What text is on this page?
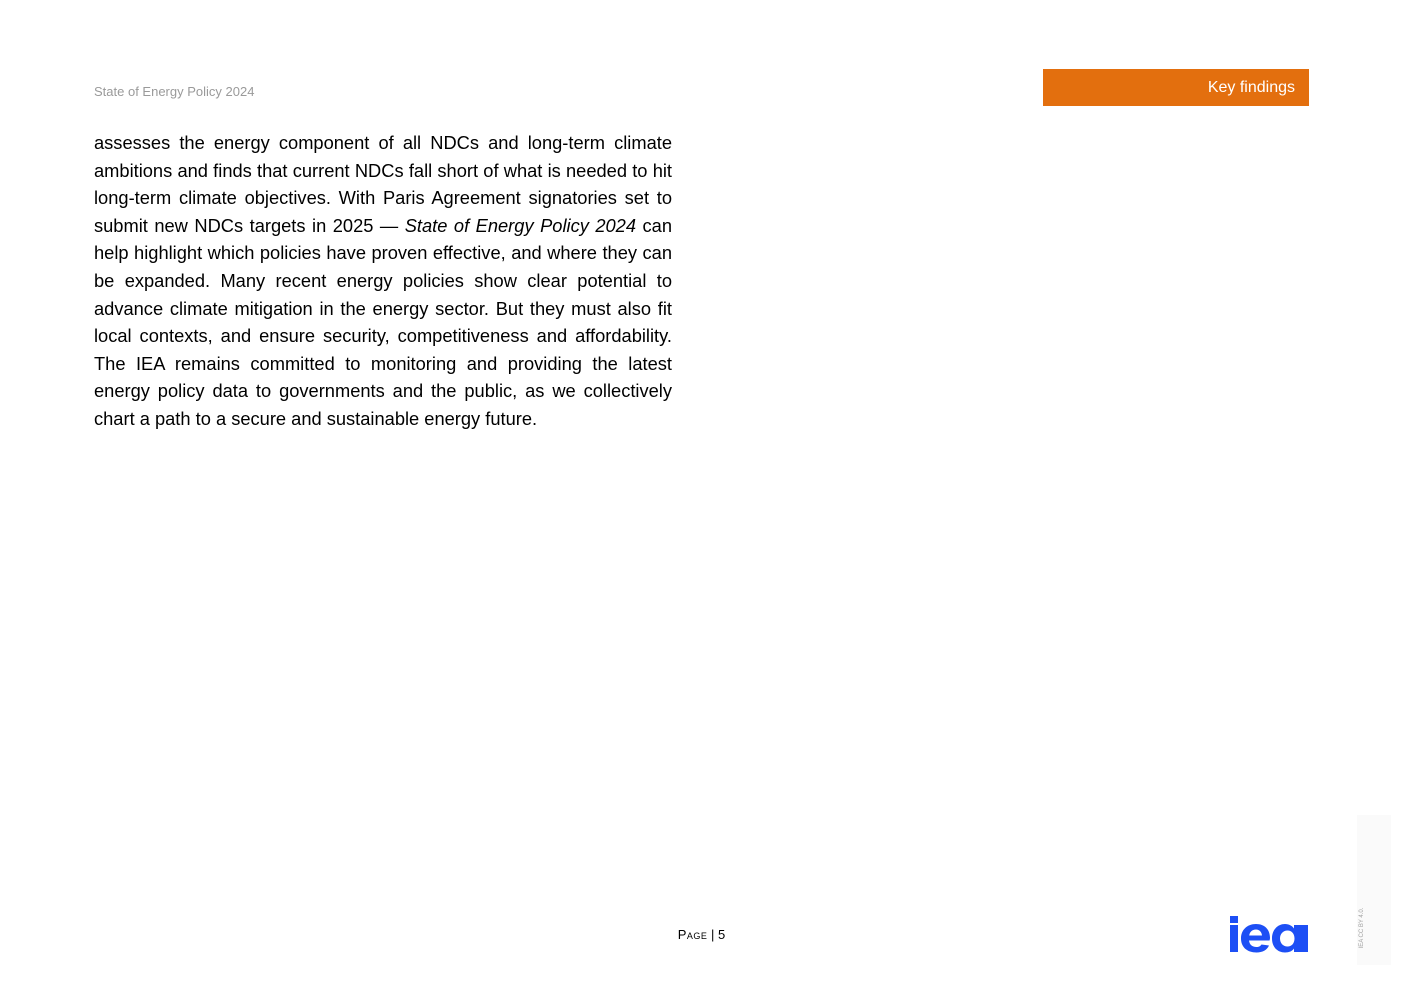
State of Energy Policy 2024	Key findings

assesses the energy component of all NDCs and long-term climate ambitions and finds that current NDCs fall short of what is needed to hit long-term climate objectives. With Paris Agreement signatories set to submit new NDCs targets in 2025 — State of Energy Policy 2024 can help highlight which policies have proven effective, and where they can be expanded. Many recent energy policies show clear potential to advance climate mitigation in the energy sector. But they must also fit local contexts, and ensure security, competitiveness and affordability. The IEA remains committed to monitoring and providing the latest energy policy data to governments and the public, as we collectively chart a path to a secure and sustainable energy future.

Page | 5	IEA CC BY 4.0.
